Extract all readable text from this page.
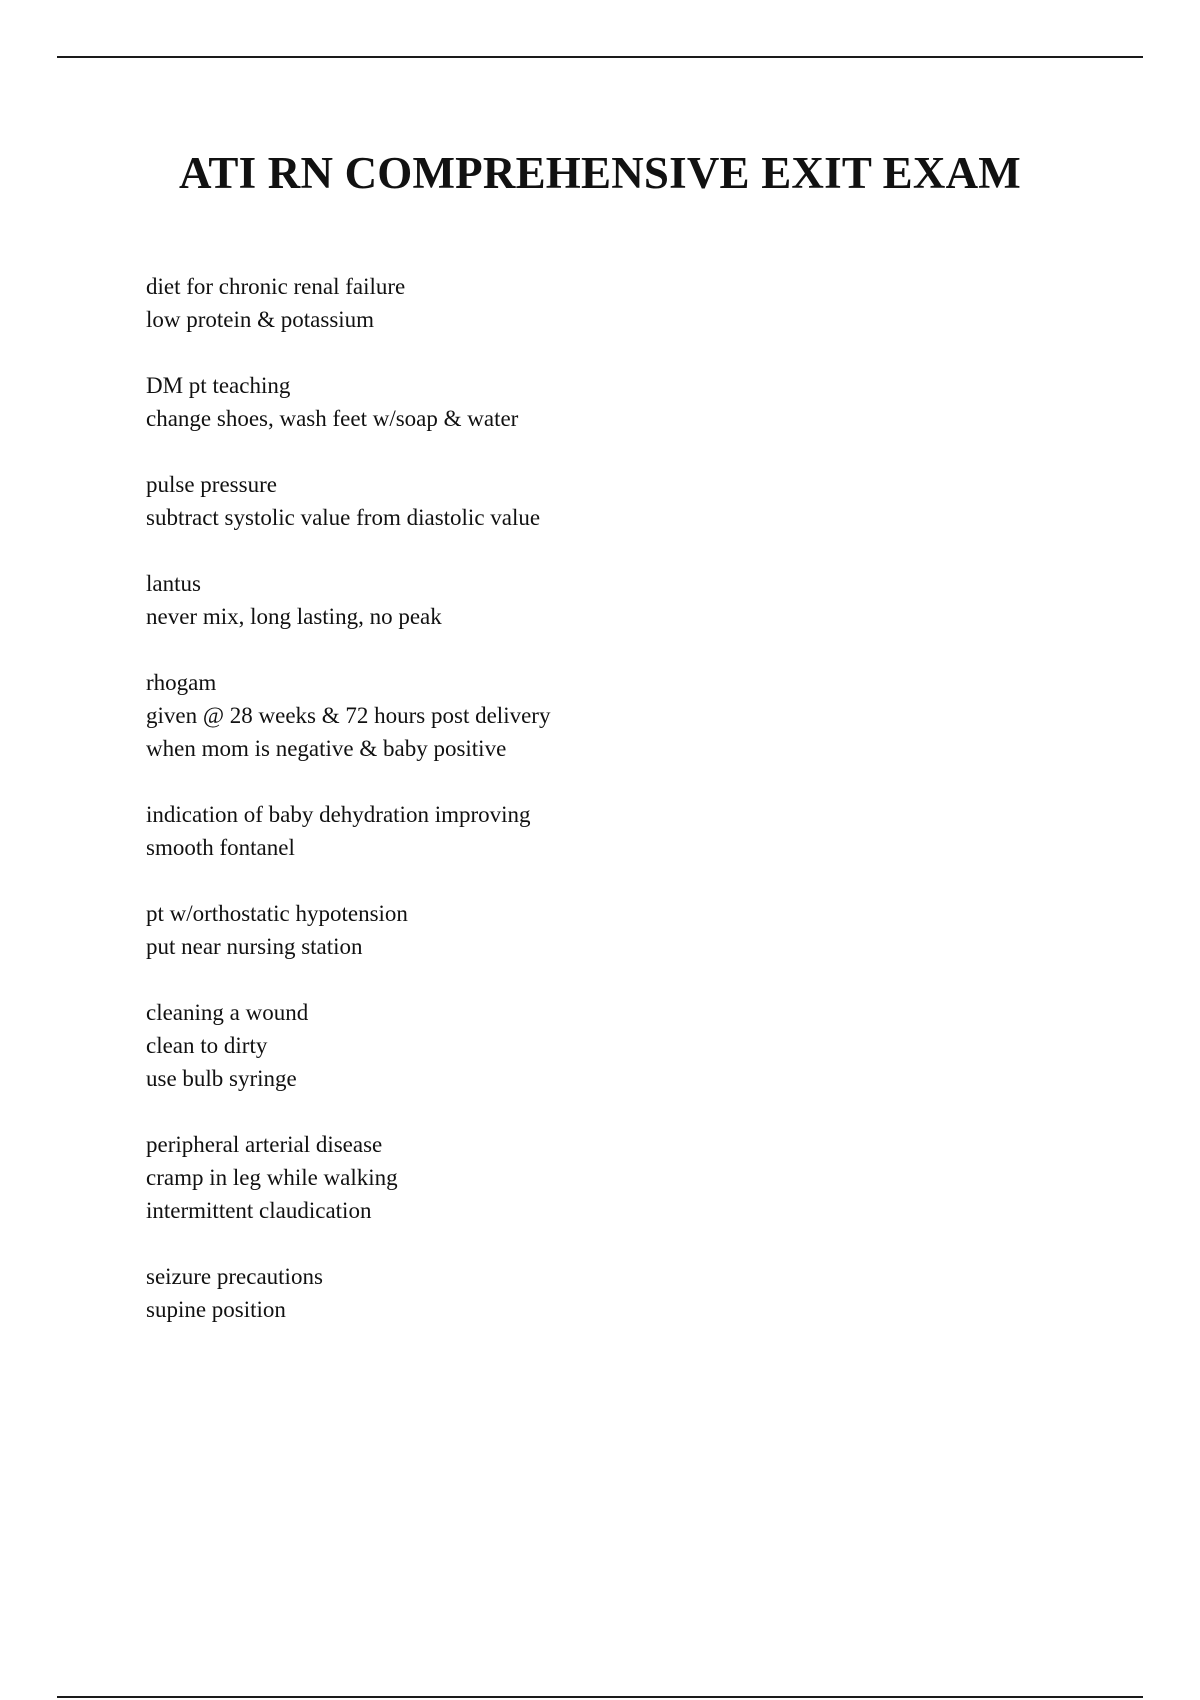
ATI RN COMPREHENSIVE EXIT EXAM
diet for chronic renal failure
low protein & potassium
DM pt teaching
change shoes, wash feet w/soap & water
pulse pressure
subtract systolic value from diastolic value
lantus
never mix, long lasting, no peak
rhogam
given @ 28 weeks & 72 hours post delivery
when mom is negative & baby positive
indication of baby dehydration improving
smooth fontanel
pt w/orthostatic hypotension
put near nursing station
cleaning a wound
clean to dirty
use bulb syringe
peripheral arterial disease
cramp in leg while walking
intermittent claudication
seizure precautions
supine position
